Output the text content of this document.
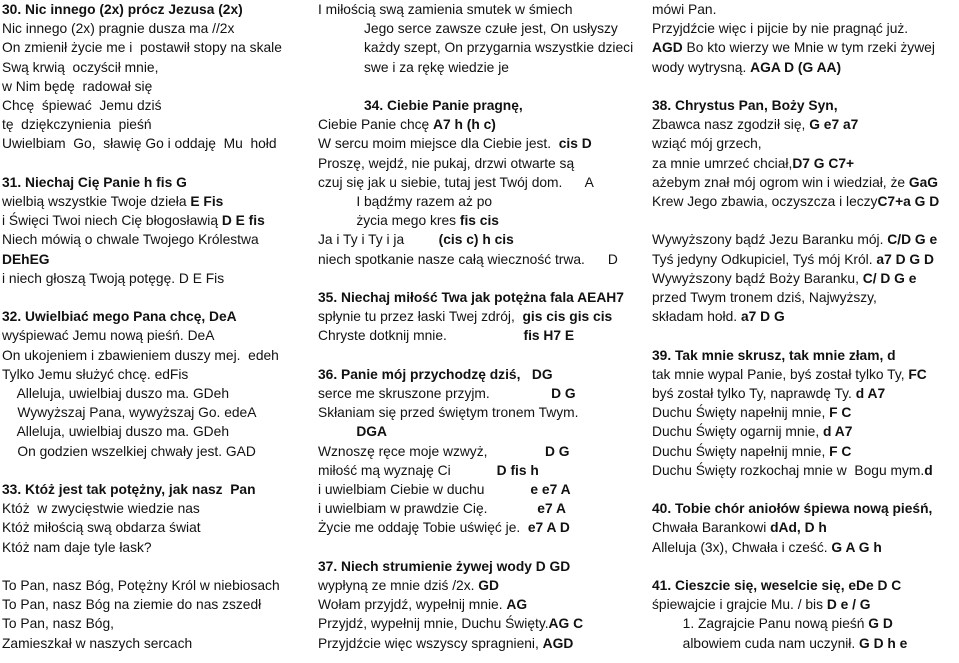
30. Nic innego (2x) prócz Jezusa (2x)
Nic innego (2x) pragnie dusza ma //2x
On zmienił życie me i  postawił stopy na skale
Swą krwią  oczyścił mnie,
w Nim będę  radował się
Chcę  śpiewać  Jemu dziś
tę  dziękczynienia  pieśń
Uwielbiam  Go,  sławię Go i oddaję  Mu  hołd
31. Niechaj Cię Panie h fis G
wielbią wszystkie Twoje dzieła E Fis
i Święci Twoi niech Cię błogosławią D E fis
Niech mówią o chwale Twojego Królestwa
DEhEG
i niech głoszą Twoją potęgę. D E Fis
32. Uwielbiać mego Pana chcę, DeA
wyśpiewać Jemu nową pieśń. DeA
On ukojeniem i zbawieniem duszy mej.  edeh
Tylko Jemu służyć chcę. edFis
Alleluja, uwielbiaj duszo ma. GDeh
Wywyższaj Pana, wywyższaj Go. edeA
Alleluja, uwielbiaj duszo ma. GDeh
On godzien wszelkiej chwały jest. GAD
33. Któż jest tak potężny, jak nasz  Pan
Któż  w zwycięstwie wiedzie nas
Któż miłością swą obdarza świat
Któż nam daje tyle łask?
To Pan, nasz Bóg, Potężny Król w niebiosach
To Pan, nasz Bóg na ziemie do nas zszedł
To Pan, nasz Bóg,
Zamieszkał w naszych sercach
I miłością swą zamienia smutek w śmiech
Jego serce zawsze czułe jest, On usłyszy
każdy szept, On przygarnia wszystkie dzieci
swe i za rękę wiedzie je
34. Ciebie Panie pragnę,
Ciebie Panie chcę A7 h (h c)
W sercu moim miejsce dla Ciebie jest.  cis D
Proszę, wejdź, nie pukaj, drzwi otwarte są
czuj się jak u siebie, tutaj jest Twój dom.      A
I bądźmy razem aż po
życia mego kres fis cis
Ja i Ty i Ty i ja         (cis c) h cis
niech spotkanie nasze całą wieczność trwa.      D
35. Niechaj miłość Twa jak potężna fala AEAH7
spłynie tu przez łaski Twej zdrój,  gis cis gis cis
Chryste dotknij mnie.                    fis H7 E
36. Panie mój przychodzę dziś,   DG
serce me skruszone przyjm.                D G
Skłaniam się przed świętym tronem Twym.
DGA
Wznoszę ręce moje wzwyż,               D G
miłość mą wyznaję Ci            D fis h
i uwielbiam Ciebie w duchu            e e7 A
i uwielbiam w prawdzie Cię.             e7 A
Życie me oddaję Tobie uświęć je.  e7 A D
37. Niech strumienie żywej wody D GD
wypłyną ze mnie dziś /2x. GD
Wołam przyjdź, wypełnij mnie. AG
Przyjdź, wypełnij mnie, Duchu Święty.AG C
Przyjdźcie więc wszyscy spragnieni, AGD
mówi Pan.
Przyjdźcie więc i pijcie by nie pragnąć już.
AGD Bo kto wierzy we Mnie w tym rzeki żywej
wody wytrysną. AGA D (G AA)
38. Chrystus Pan, Boży Syn,
Zbawca nasz zgodził się, G e7 a7
wziąć mój grzech,
za mnie umrzeć chciał,D7 G C7+
ażebym znał mój ogrom win i wiedział, że GaG
Krew Jego zbawia, oczyszcza i leczyC7+a G D
Wywyższony bądź Jezu Baranku mój. C/D G e
Tyś jedyny Odkupiciel, Tyś mój Król. a7 D G D
Wywyższony bądź Boży Baranku, C/ D G e
przed Twym tronem dziś, Najwyższy,
składam hołd. a7 D G
39. Tak mnie skrusz, tak mnie złam, d
tak mnie wypal Panie, byś został tylko Ty, FC
byś został tylko Ty, naprawdę Ty. d A7
Duchu Święty napełnij mnie, F C
Duchu Święty ogarnij mnie, d A7
Duchu Święty napełnij mnie, F C
Duchu Święty rozkochaj mnie w  Bogu mym.d
40. Tobie chór aniołów śpiewa nową pieśń,
Chwała Barankowi dAd, D h
Alleluja (3x), Chwała i cześć. G A G h
41. Cieszcie się, weselcie się, eDe D C
śpiewajcie i grajcie Mu. / bis D e / G
1. Zagrajcie Panu nową pieśń G D
albowiem cuda nam uczynił. G D h e
